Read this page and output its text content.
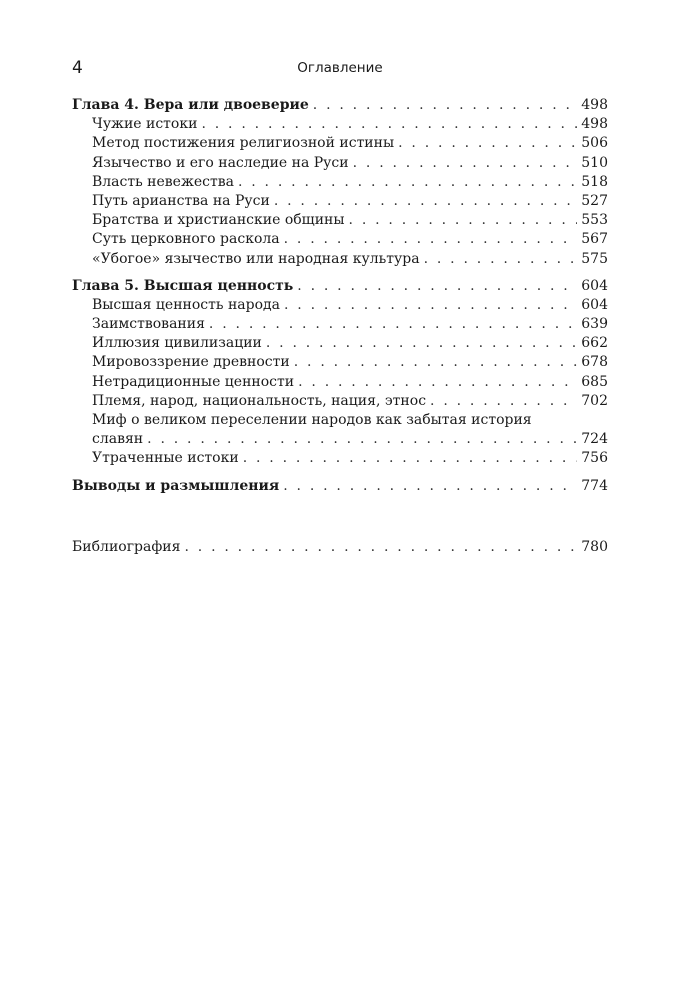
4	Оглавление
Глава 4. Вера или двоеверие . . .	498
Чужие истоки . . .	498
Метод постижения религиозной истины . . .	506
Язычество и его наследие на Руси . . .	510
Власть невежества . . .	518
Путь арианства на Руси . . .	527
Братства и христианские общины . . .	553
Суть церковного раскола . . .	567
«Убогое» язычество или народная культура . . .	575
Глава 5. Высшая ценность . . .	604
Высшая ценность народа . . .	604
Заимствования . . .	639
Иллюзия цивилизации . . .	662
Мировоззрение древности . . .	678
Нетрадиционные ценности . . .	685
Племя, народ, национальность, нация, этнос . . .	702
Миф о великом переселении народов как забытая история
славян . . .	724
Утраченные истоки . . .	756
Выводы и размышления . . .	774
Библиография . . .	780
